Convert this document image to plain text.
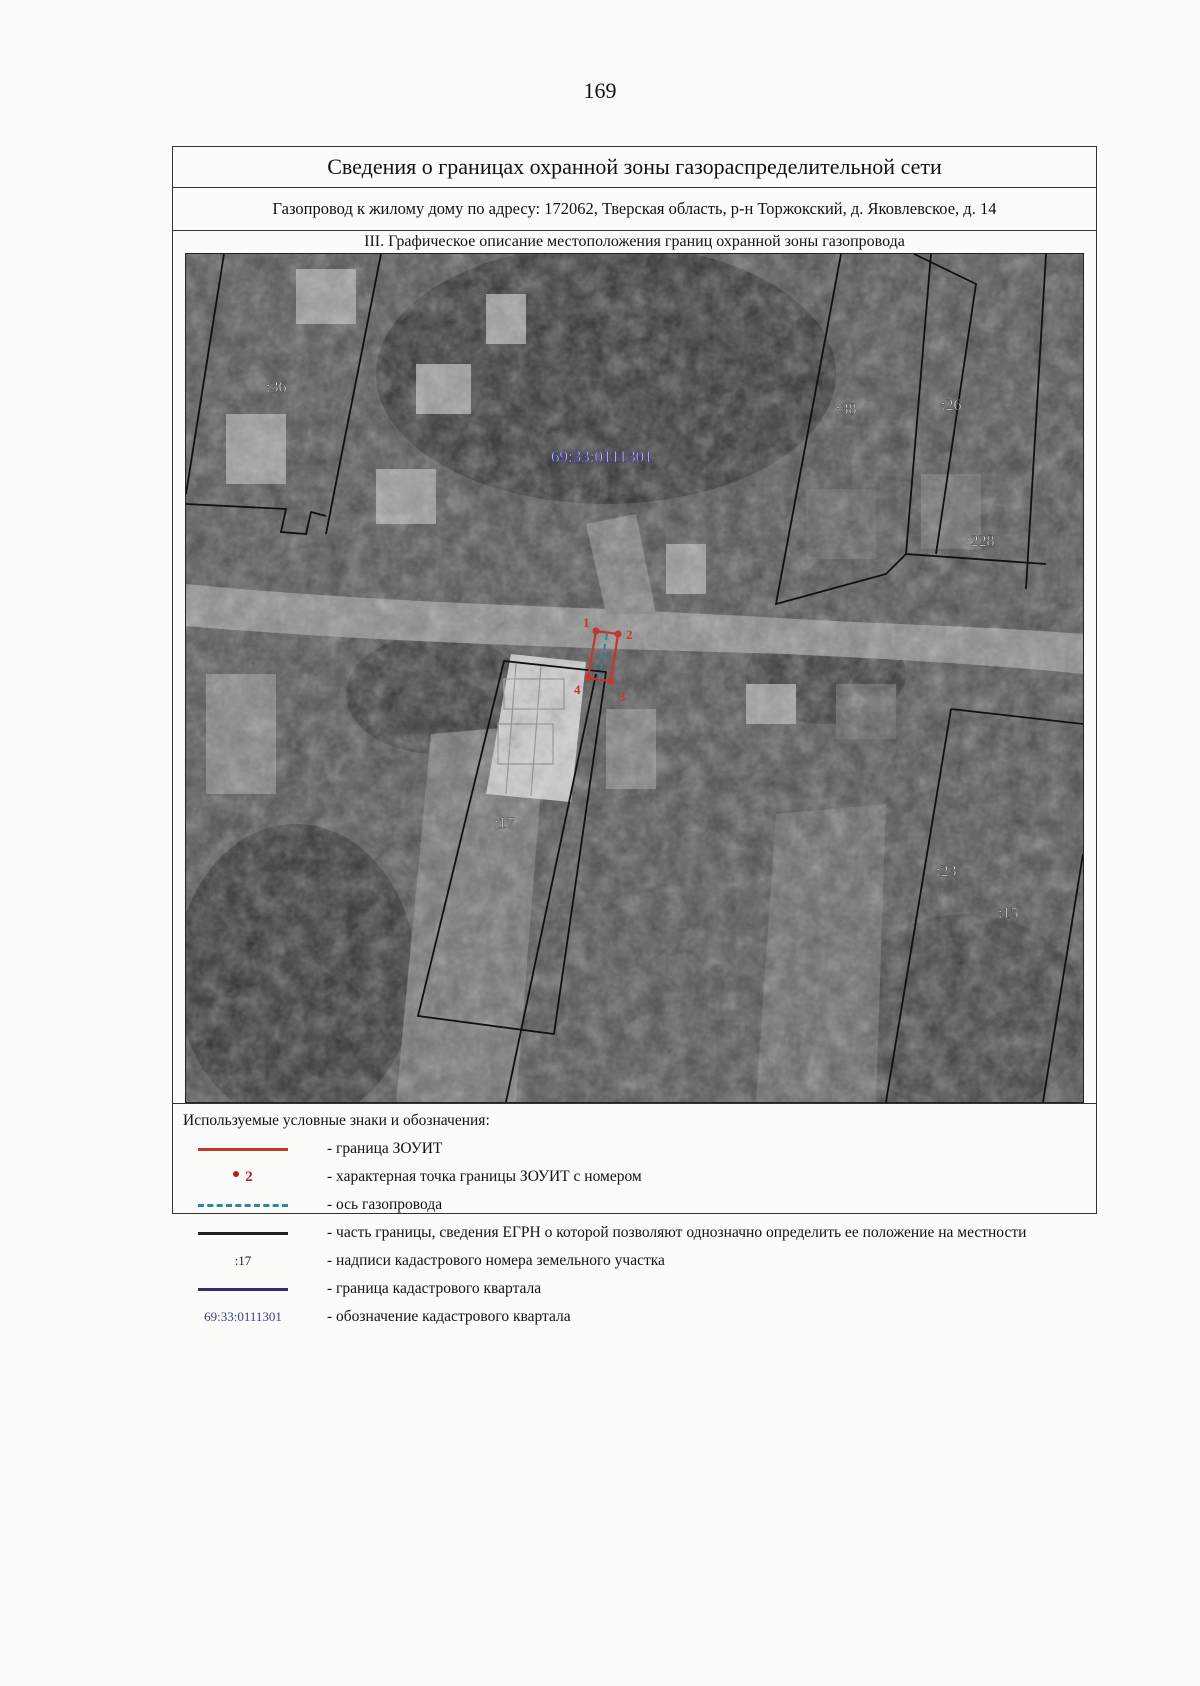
169
Сведения о границах охранной зоны газораспределительной сети
Газопровод к жилому дому по адресу: 172062, Тверская область, р-н Торжокский, д. Яковлевское, д. 14
III. Графическое описание местоположения границ охранной зоны газопровода
1
2
3
4
:36
:38	:26
:228
:17
:23
:15
69:33:0111301
Используемые условные знаки и обозначения:
- граница ЗОУИТ
2	- характерная точка границы ЗОУИТ с номером
- ось газопровода
- часть границы, сведения ЕГРН о которой позволяют однозначно определить ее положение на местности
:17	- надписи кадастрового номера земельного участка
- граница кадастрового квартала
69:33:0111301	- обозначение кадастрового квартала
